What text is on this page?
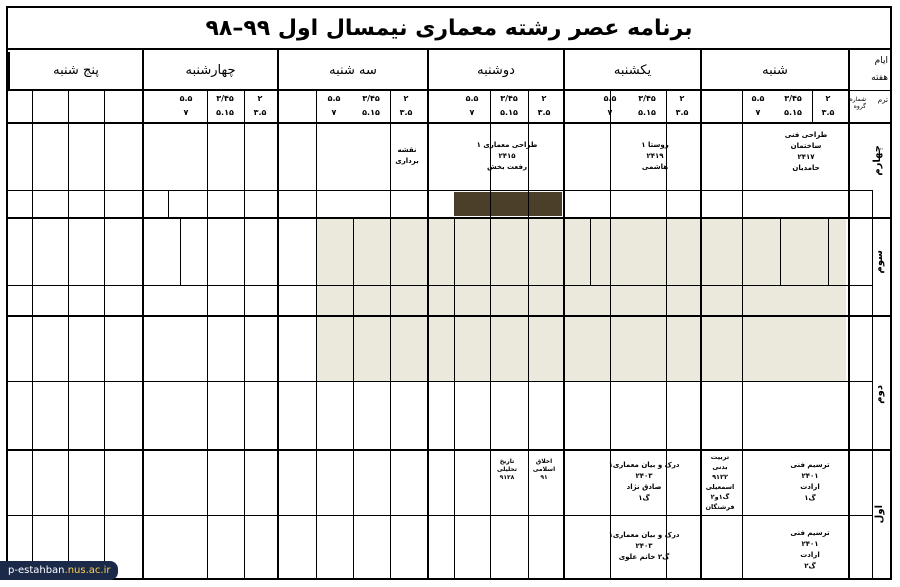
برنامه عصر رشته معماری نیمسال اول ۹۹–۹۸
ایام
هفته
ترم
شماره گروه
شنبه
یکشنبه
دوشنبه
سه شنبه
چهارشنبه
پنج شنبه
۲
۳.۵
۳/۴۵
۵.۱۵
۵.۵
۷
۲
۳.۵
۳/۴۵
۵.۱۵
۵.۵
۷
۲
۳.۵
۳/۴۵
۵.۱۵
۵.۵
۷
۲
۳.۵
۳/۴۵
۵.۱۵
۵.۵
۷
۲
۳.۵
۳/۴۵
۵.۱۵
۵.۵
۷
چهارم
سوم
دوم
اول
طراحی فنی
ساختمان
۲۴۱۷
حامدیان
روستا ۱
۲۴۱۹
هاشمی
طراحی معماری ۱
۲۴۱۵
رفعت بخش
نقشه
برداری
ترسیم فنی
۲۴۰۱
ارادت
گ۱
ترسیم فنی
۲۴۰۱
ارادت
گ۲
تربیت
بدنی
۹۱۲۲
اسمعیلی
گ۱و۲
فرشتگان
درک و بیان معماری۱
۲۴۰۳
صادق نژاد
گ۱
درک و بیان معماری۱
۲۴۰۳
گ۲ خانم علوی
اخلاق
اسلامی
۹۱
تاریخ
تحلیلی
۹۱۲۸
p-estahban.nus.ac.ir
